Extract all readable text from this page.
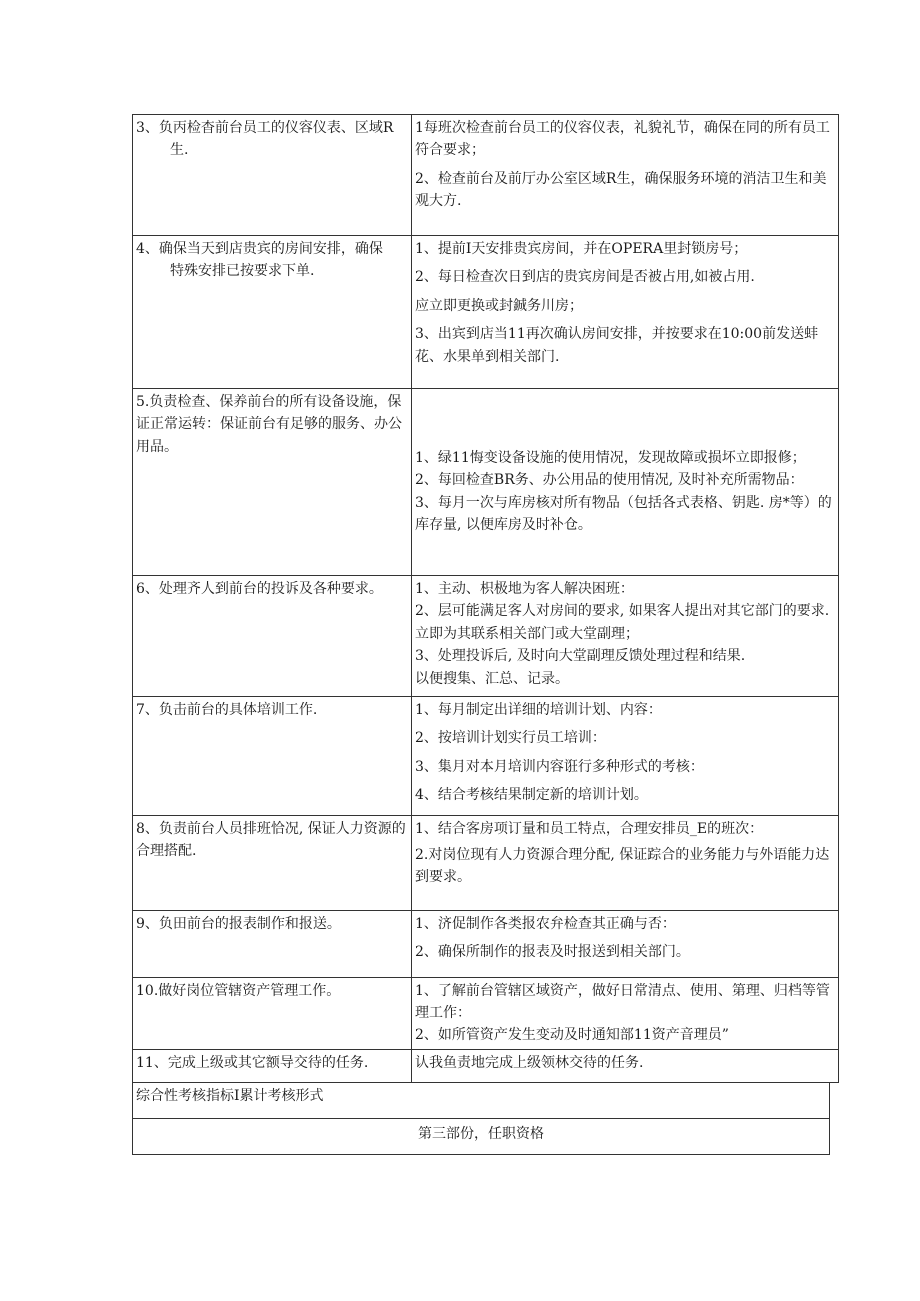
3、负丙检杳前台员工的仪容仪表、区域R
生.	1每班次检查前台员工的仪容仪表，礼貌礼节，确保在同的所有员工符合要求；
2、检查前台及前厅办公室区域R生，确保服务环境的消洁卫生和美观大方.

4、确保当天到店贵宾的房间安排，确保
特殊安排已按要求下单.	1、提前I天安排贵宾房间，并在OPERA里封锁房号；
2、每日检查次日到店的贵宾房间是否被占用,如被占用.
应立即更换或封鋮务川房；
3、出宾到店当11再次确认房间安排，并按要求在10:00前发送蚌花、水果单到相关部门.

5.负责检查、保养前台的所有设备设施，保证正常运转：保证前台有足够的服务、办公用品。	1、绿11悔变设备设施的使用情况，发现故障或损坏立即报修；
2、每回检查BR务、办公用品的使用情况, 及时补充所需物品：
3、每月一次与库房核对所有物品（包括各式表格、钥匙. 房*等）的库存量, 以便库房及时补仓。

6、处理齐人到前台的投诉及各种要求。	1、主动、枳极地为客人解决困班：
2、层可能满足客人对房间的要求, 如果客人提出对其它部门的要求. 立即为其联系相关部门或大堂副理；
3、处理投诉后, 及时向大堂副理反馈处理过程和结果.
以便搜集、汇总、记录。

7、负击前台的具体培训工作.	1、每月制定出详细的培训计划、内容：
2、按培训计划实行员工培训：
3、集月对本月培训内容诳行多种形式的考核：
4、结合考核结果制定新的培训计划。

8、负责前台人员排班恰况, 保证人力资源的合理搭配.	1、结合客房项订量和员工特点，合理安排员_E的班次：
2.对岗位现有人力资源合理分配, 保证踪合的业务能力与外语能力达到要求。

9、负田前台的报表制作和报送。	1、济促制作各类报农弁检查其正确与否：
2、确保所制作的报表及时报送到相关部门。

10.做好岗位管辖资产管理工作。	1、了解前台管辖区域资产，做好日常清点、使用、第理、归档等管理工作：
2、如所管资产发生变动及时通知部11资产音理员”

11、完成上级或其它额导交待的任务.	认我鱼责地完成上级领林交待的任务.
综合性考核指标I累计考核形式
第三部份，任职资格
